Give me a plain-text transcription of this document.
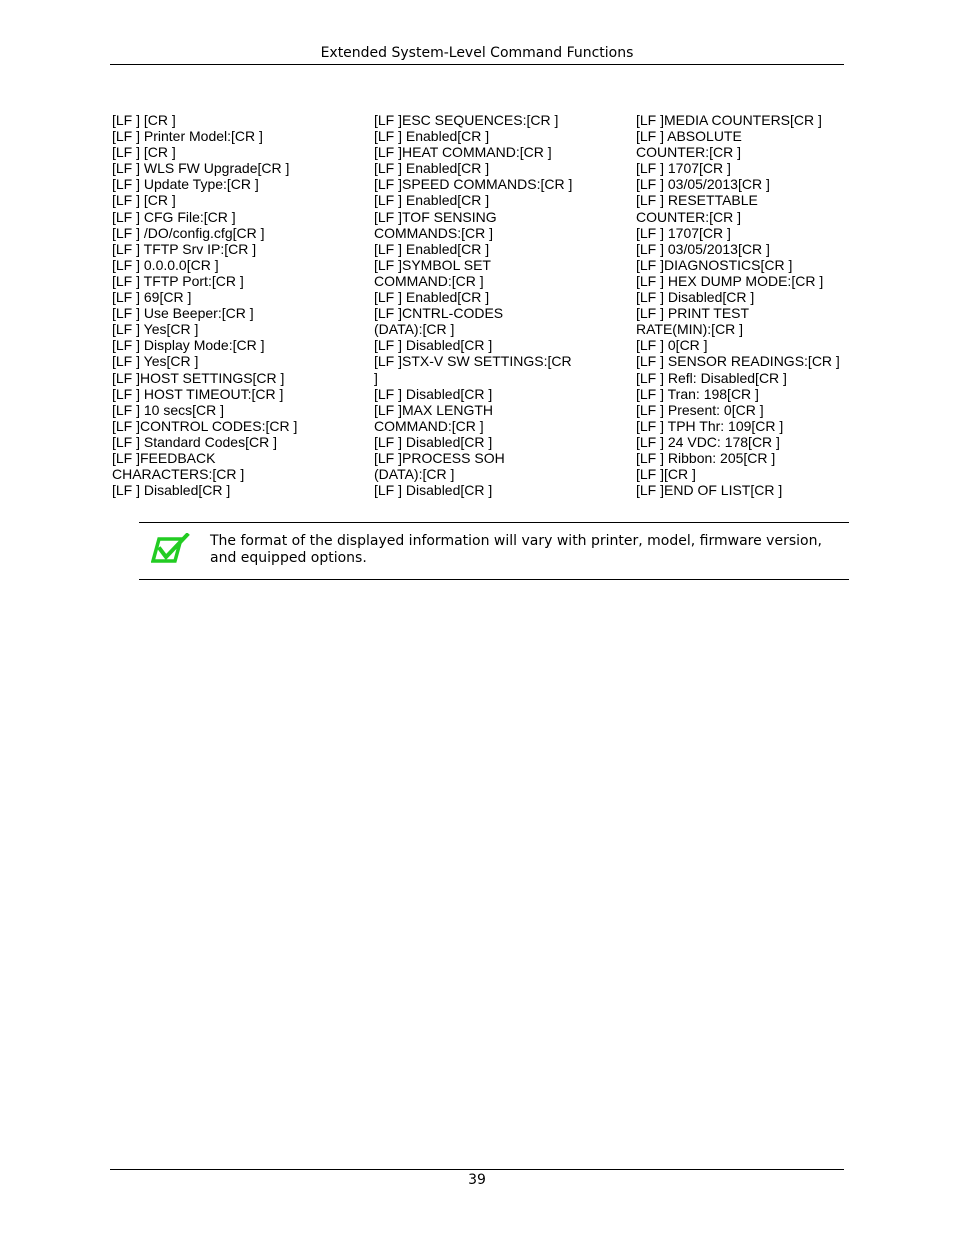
Extended System-Level Command Functions
[LF ] [CR ]
[LF ] Printer Model:[CR ]
[LF ] [CR ]
[LF ] WLS FW Upgrade[CR ]
[LF ] Update Type:[CR ]
[LF ] [CR ]
[LF ] CFG File:[CR ]
[LF ] /DO/config.cfg[CR ]
[LF ] TFTP Srv IP:[CR ]
[LF ] 0.0.0.0[CR ]
[LF ] TFTP Port:[CR ]
[LF ] 69[CR ]
[LF ] Use Beeper:[CR ]
[LF ] Yes[CR ]
[LF ] Display Mode:[CR ]
[LF ] Yes[CR ]
[LF ]HOST SETTINGS[CR ]
[LF ] HOST TIMEOUT:[CR ]
[LF ] 10 secs[CR ]
[LF ]CONTROL CODES:[CR ]
[LF ] Standard Codes[CR ]
[LF ]FEEDBACK
CHARACTERS:[CR ]
[LF ] Disabled[CR ]
[LF ]ESC SEQUENCES:[CR ]
[LF ] Enabled[CR ]
[LF ]HEAT COMMAND:[CR ]
[LF ] Enabled[CR ]
[LF ]SPEED COMMANDS:[CR ]
[LF ] Enabled[CR ]
[LF ]TOF SENSING
COMMANDS:[CR ]
[LF ] Enabled[CR ]
[LF ]SYMBOL SET
COMMAND:[CR ]
[LF ] Enabled[CR ]
[LF ]CNTRL-CODES
(DATA):[CR ]
[LF ] Disabled[CR ]
[LF ]STX-V SW SETTINGS:[CR
]
[LF ] Disabled[CR ]
[LF ]MAX LENGTH
COMMAND:[CR ]
[LF ] Disabled[CR ]
[LF ]PROCESS SOH
(DATA):[CR ]
[LF ] Disabled[CR ]
[LF ]MEDIA COUNTERS[CR ]
[LF ] ABSOLUTE
COUNTER:[CR ]
[LF ] 1707[CR ]
[LF ] 03/05/2013[CR ]
[LF ] RESETTABLE
COUNTER:[CR ]
[LF ] 1707[CR ]
[LF ] 03/05/2013[CR ]
[LF ]DIAGNOSTICS[CR ]
[LF ] HEX DUMP MODE:[CR ]
[LF ] Disabled[CR ]
[LF ] PRINT TEST
RATE(MIN):[CR ]
[LF ] 0[CR ]
[LF ] SENSOR READINGS:[CR ]
[LF ] Refl: Disabled[CR ]
[LF ] Tran: 198[CR ]
[LF ] Present: 0[CR ]
[LF ] TPH Thr: 109[CR ]
[LF ] 24 VDC: 178[CR ]
[LF ] Ribbon: 205[CR ]
[LF ][CR ]
[LF ]END OF LIST[CR ]
The format of the displayed information will vary with printer, model, firmware version, and equipped options.
39
